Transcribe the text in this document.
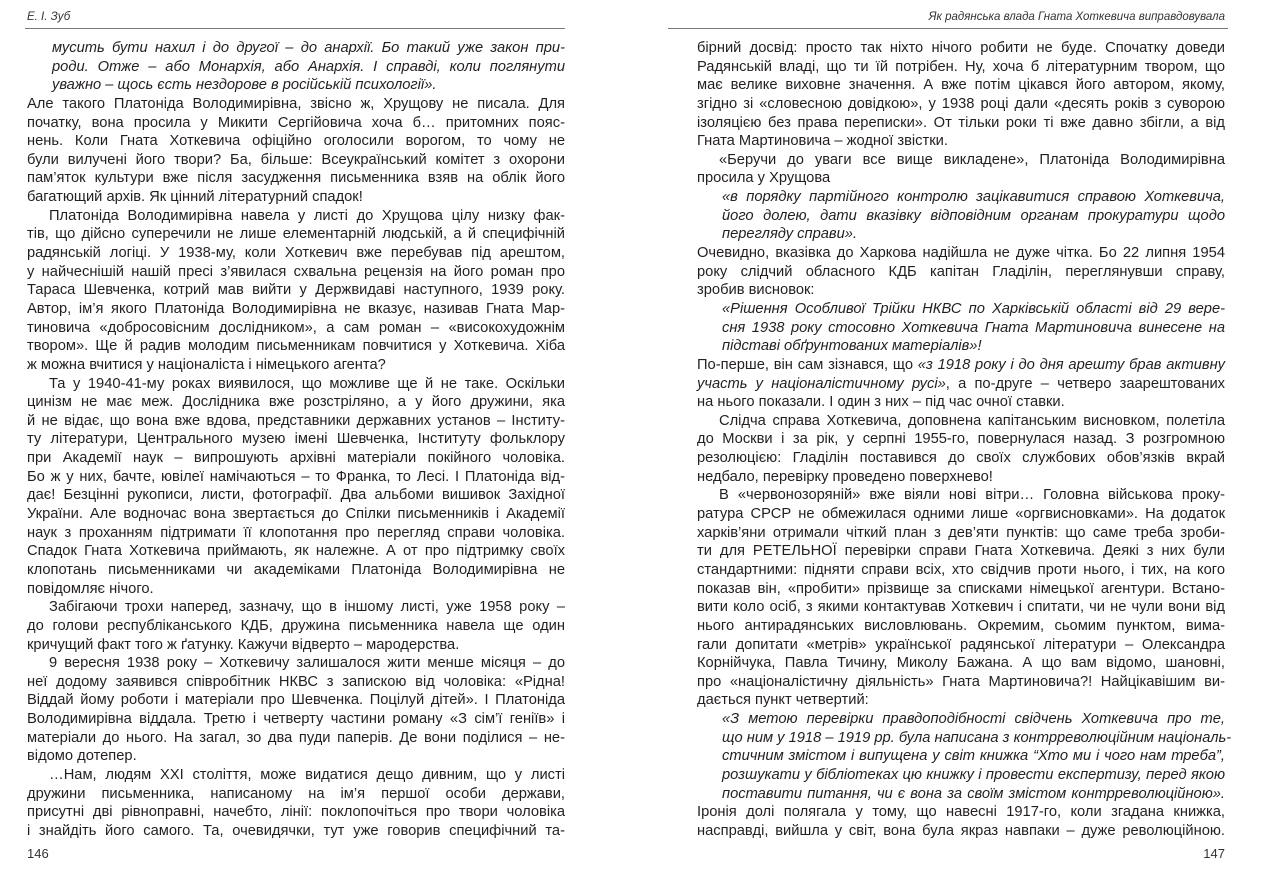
Е. І. Зуб
мусить бути нахил і до другої – до анархії. Бо такий уже закон при-
роди. Отже – або Монархія, або Анархія. І справді, коли поглянути
уважно – щось єсть нездорове в російській психології».
Але такого Платоніда Володимирівна, звісно ж, Хрущову не писала. Для
початку, вона просила у Микити Сергійовича хоча б… притомних пояс-
нень. Коли Гната Хоткевича офіційно оголосили ворогом, то чому не
були вилучені його твори? Ба, більше: Всеукраїнський комітет з охорони
пам’яток культури вже після засудження письменника взяв на облік його
багатющий архів. Як цінний літературний спадок!
Платоніда Володимирівна навела у листі до Хрущова цілу низку фак-
тів, що дійсно суперечили не лише елементарній людській, а й специфічній
радянській логіці. У 1938-му, коли Хоткевич вже перебував під арештом,
у найчеснішій нашій пресі з’явилася схвальна рецензія на його роман про
Тараса Шевченка, котрий мав вийти у Держвидаві наступного, 1939 року.
Автор, ім’я якого Платоніда Володимирівна не вказує, називав Гната Мар-
тиновича «добросовісним дослідником», а сам роман – «високохудожнім
твором». Ще й радив молодим письменникам повчитися у Хоткевича. Хіба
ж можна вчитися у націоналіста і німецького агента?
Та у 1940-41-му роках виявилося, що можливе ще й не таке. Оскільки
цинізм не має меж. Дослідника вже розстріляно, а у його дружини, яка
й не відає, що вона вже вдова, представники державних установ – Інститу-
ту літератури, Центрального музею імені Шевченка, Інституту фольклору
при Академії наук – випрошують архівні матеріали покійного чоловіка.
Бо ж у них, бачте, ювілеї намічаються – то Франка, то Лесі. І Платоніда від-
дає! Безцінні рукописи, листи, фотографії. Два альбоми вишивок Західної
України. Але водночас вона звертається до Спілки письменників і Академії
наук з проханням підтримати її клопотання про перегляд справи чоловіка.
Спадок Гната Хоткевича приймають, як належне. А от про підтримку своїх
клопотань письменниками чи академіками Платоніда Володимирівна не
повідомляє нічого.
Забігаючи трохи наперед, зазначу, що в іншому листі, уже 1958 року –
до голови республіканського КДБ, дружина письменника навела ще один
кричущий факт того ж ґатунку. Кажучи відверто – мародерства.
9 вересня 1938 року – Хоткевичу залишалося жити менше місяця – до
неї додому заявився співробітник НКВС з запискою від чоловіка: «Рідна!
Віддай йому роботи і матеріали про Шевченка. Поцілуй дітей». І Платоніда
Володимирівна віддала. Третю і четверту частини роману «З сім’ї геніїв» і
матеріали до нього. На загал, зо два пуди паперів. Де вони поділися – не-
відомо дотепер.
…Нам, людям XXI століття, може видатися дещо дивним, що у листі
дружини письменника, написаному на ім’я першої особи держави,
присутні дві рівноправні, начебто, лінії: поклопочіться про твори чоловіка
і знайдіть його самого. Та, очевидячки, тут уже говорив специфічний та-
146
Як радянська влада Гната Хоткевича виправдовувала
бірний досвід: просто так ніхто нічого робити не буде. Спочатку доведи
Радянській владі, що ти їй потрібен. Ну, хоча б літературним твором, що
має велике виховне значення. А вже потім цікався його автором, якому,
згідно зі «словесною довідкою», у 1938 році дали «десять років з суворою
ізоляцією без права переписки». От тільки роки ті вже давно збігли, а від
Гната Мартиновича – жодної звістки.
«Беручи до уваги все вище викладене», Платоніда Володимирівна
просила у Хрущова
«в порядку партійного контролю зацікавитися справою Хоткевича,
його долею, дати вказівку відповідним органам прокуратури щодо
перегляду справи».
Очевидно, вказівка до Харкова надійшла не дуже чітка. Бо 22 липня 1954
року слідчий обласного КДБ капітан Гладілін, переглянувши справу,
зробив висновок:
«Рішення Особливої Трійки НКВС по Харківській області від 29 вере-
сня 1938 року стосовно Хоткевича Гната Мартиновича винесене на
підставі обґрунтованих матеріалів»!
По-перше, він сам зізнався, що «з 1918 року і до дня арешту брав активну
участь у націоналістичному русі», а по-друге – четверо заарештованих
на нього показали. І один з них – під час очної ставки.
Слідча справа Хоткевича, доповнена капітанським висновком, полетіла
до Москви і за рік, у серпні 1955-го, повернулася назад. З розгромною
резолюцією: Гладілін поставився до своїх службових обов’язків вкрай
недбало, перевірку проведено поверхнево!
В «червонозоряній» вже віяли нові вітри… Головна військова проку-
ратура СРСР не обмежилася одними лише «оргвисновками». На додаток
харків’яни отримали чіткий план з дев’яти пунктів: що саме треба зроби-
ти для РЕТЕЛЬНОЇ перевірки справи Гната Хоткевича. Деякі з них були
стандартними: підняти справи всіх, хто свідчив проти нього, і тих, на кого
показав він, «пробити» прізвище за списками німецької агентури. Встано-
вити коло осіб, з якими контактував Хоткевич і спитати, чи не чули вони від
нього антирадянських висловлювань. Окремим, сьомим пунктом, вима-
гали допитати «метрів» української радянської літератури – Олександра
Корнійчука, Павла Тичину, Миколу Бажана. А що вам відомо, шановні,
про «націоналістичну діяльність» Гната Мартиновича?! Найцікавішим ви-
дається пункт четвертий:
«З метою перевірки правдоподібності свідчень Хоткевича про те,
що ним у 1918 – 1919 рр. була написана з контрреволюційним національ-
стичним змістом і випущена у світ книжка “Хто ми і чого нам треба”,
розшукати у бібліотеках цю книжку і провести експертизу, перед якою
поставити питання, чи є вона за своїм змістом контрреволюційною».
Іронія долі полягала у тому, що навесні 1917-го, коли згадана книжка,
насправді, вийшла у світ, вона була якраз навпаки – дуже революційною.
147
